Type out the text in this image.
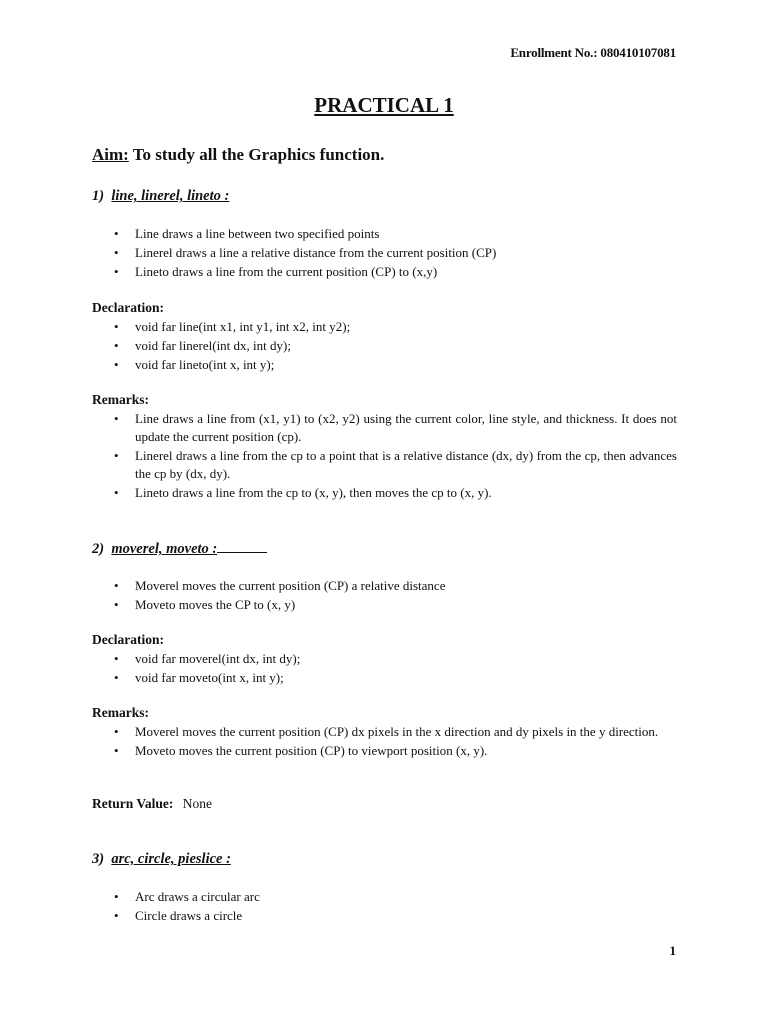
Enrollment No.: 080410107081
PRACTICAL 1
Aim: To study all the Graphics function.
1) line, linerel, lineto :
• Line draws a line between two specified points
• Linerel draws a line a relative distance from the current position (CP)
• Lineto draws a line from the current position (CP) to (x,y)
Declaration:
• void far line(int x1, int y1, int x2, int y2);
• void far linerel(int dx, int dy);
• void far lineto(int x, int y);
Remarks:
• Line draws a line from (x1, y1) to (x2, y2) using the current color, line style, and thickness. It does not update the current position (cp).
• Linerel draws a line from the cp to a point that is a relative distance (dx, dy) from the cp, then advances the cp by (dx, dy).
• Lineto draws a line from the cp to (x, y), then moves the cp to (x, y).
2) moverel, moveto :
• Moverel moves the current position (CP) a relative distance
• Moveto moves the CP to (x, y)
Declaration:
• void far moverel(int dx, int dy);
• void far moveto(int x, int y);
Remarks:
• Moverel moves the current position (CP) dx pixels in the x direction and dy pixels in the y direction.
• Moveto moves the current position (CP) to viewport position (x, y).
Return Value: None
3) arc, circle, pieslice :
• Arc draws a circular arc
• Circle draws a circle
1
